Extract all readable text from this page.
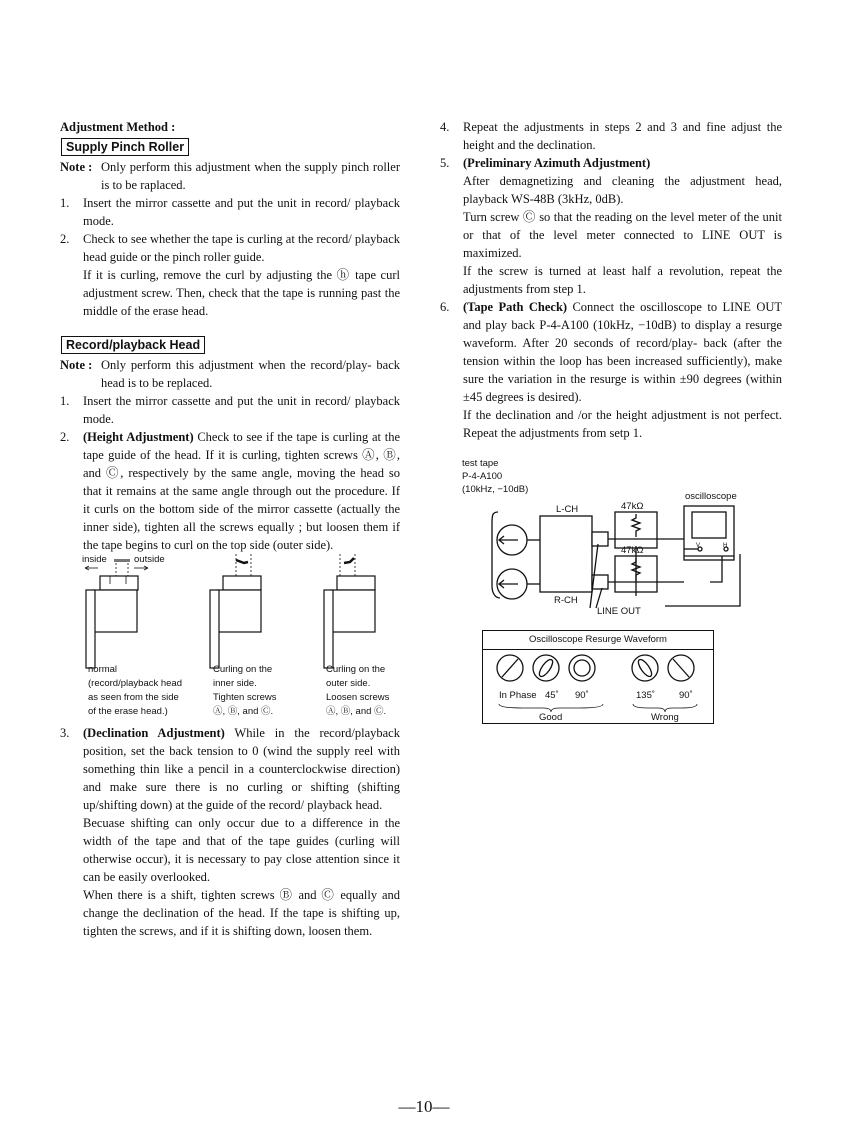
Adjustment Method :
Supply Pinch Roller
Note : Only perform this adjustment when the supply pinch roller is to be raplaced.
1. Insert the mirror cassette and put the unit in record/ playback mode.

2. Check to see whether the tape is curling at the record/ playback head guide or the pinch roller guide.

If it is curling, remove the curl by adjusting the ⓗ tape curl adjustment screw. Then, check that the tape is running past the middle of the erase head.

Record/playback Head
Note : Only perform this adjustment when the record/play- back head is to be replaced.
1. Insert the mirror cassette and put the unit in record/ playback mode.

2. (Height Adjustment) Check to see if the tape is curling at the tape guide of the head. If it is curling, tighten screws Ⓐ, Ⓑ, and Ⓒ, respectively by the same angle, moving the head so that it remains at the same angle through out the procedure. If it curls on the bottom side of the mirror cassette (actually the inner side), tighten all the screws equally ; but loosen them if the tape begins to curl on the top side (outer side).

inside	outside
normal
(record/playback head
as seen from the side
of the erase head.)
Curling on the
inner side.
Tighten screws
Ⓐ, Ⓑ, and Ⓒ.
Curling on the
outer side.
Loosen screws
Ⓐ, Ⓑ, and Ⓒ.
3. (Declination Adjustment) While in the record/playback position, set the back tension to 0 (wind the supply reel with something thin like a pencil in a counterclockwise direction) and make sure there is no curling or shifting (shifting up/shifting down) at the guide of the record/ playback head.

Becuase shifting can only occur due to a difference in the width of the tape and that of the tape guides (curling will otherwise occur), it is necessary to pay close attention since it can be easily overlooked.

When there is a shift, tighten screws Ⓑ and Ⓒ equally and change the declination of the head. If the tape is shifting up, tighten the screws, and if it is shifting down, loosen them.

4. Repeat the adjustments in steps 2 and 3 and fine adjust the height and the declination.

5. (Preliminary Azimuth Adjustment)

After demagnetizing and cleaning the adjustment head, playback WS-48B (3kHz, 0dB).

Turn screw Ⓒ so that the reading on the level meter of the unit or that of the level meter connected to LINE OUT is maximized.

If the screw is turned at least half a revolution, repeat the adjustments from step 1.

6. (Tape Path Check) Connect the oscilloscope to LINE OUT and play back P-4-A100 (10kHz, −10dB) to display a resurge waveform. After 20 seconds of record/play- back (after the tension within the loop has been increased sufficiently), make sure the variation in the resurge is within ±90 degrees (within ±45 degrees is desired).

If the declination and /or the height adjustment is not perfect. Repeat the adjustments from setp 1.

test tape
P-4-A100
(10kHz, −10dB)
oscilloscope
L-CH	47kΩ
47kΩ
R-CH
LINE OUT
V	H
Oscilloscope Resurge Waveform
In Phase 45˚ 90˚	135˚	90˚
Good	Wrong
—10—
